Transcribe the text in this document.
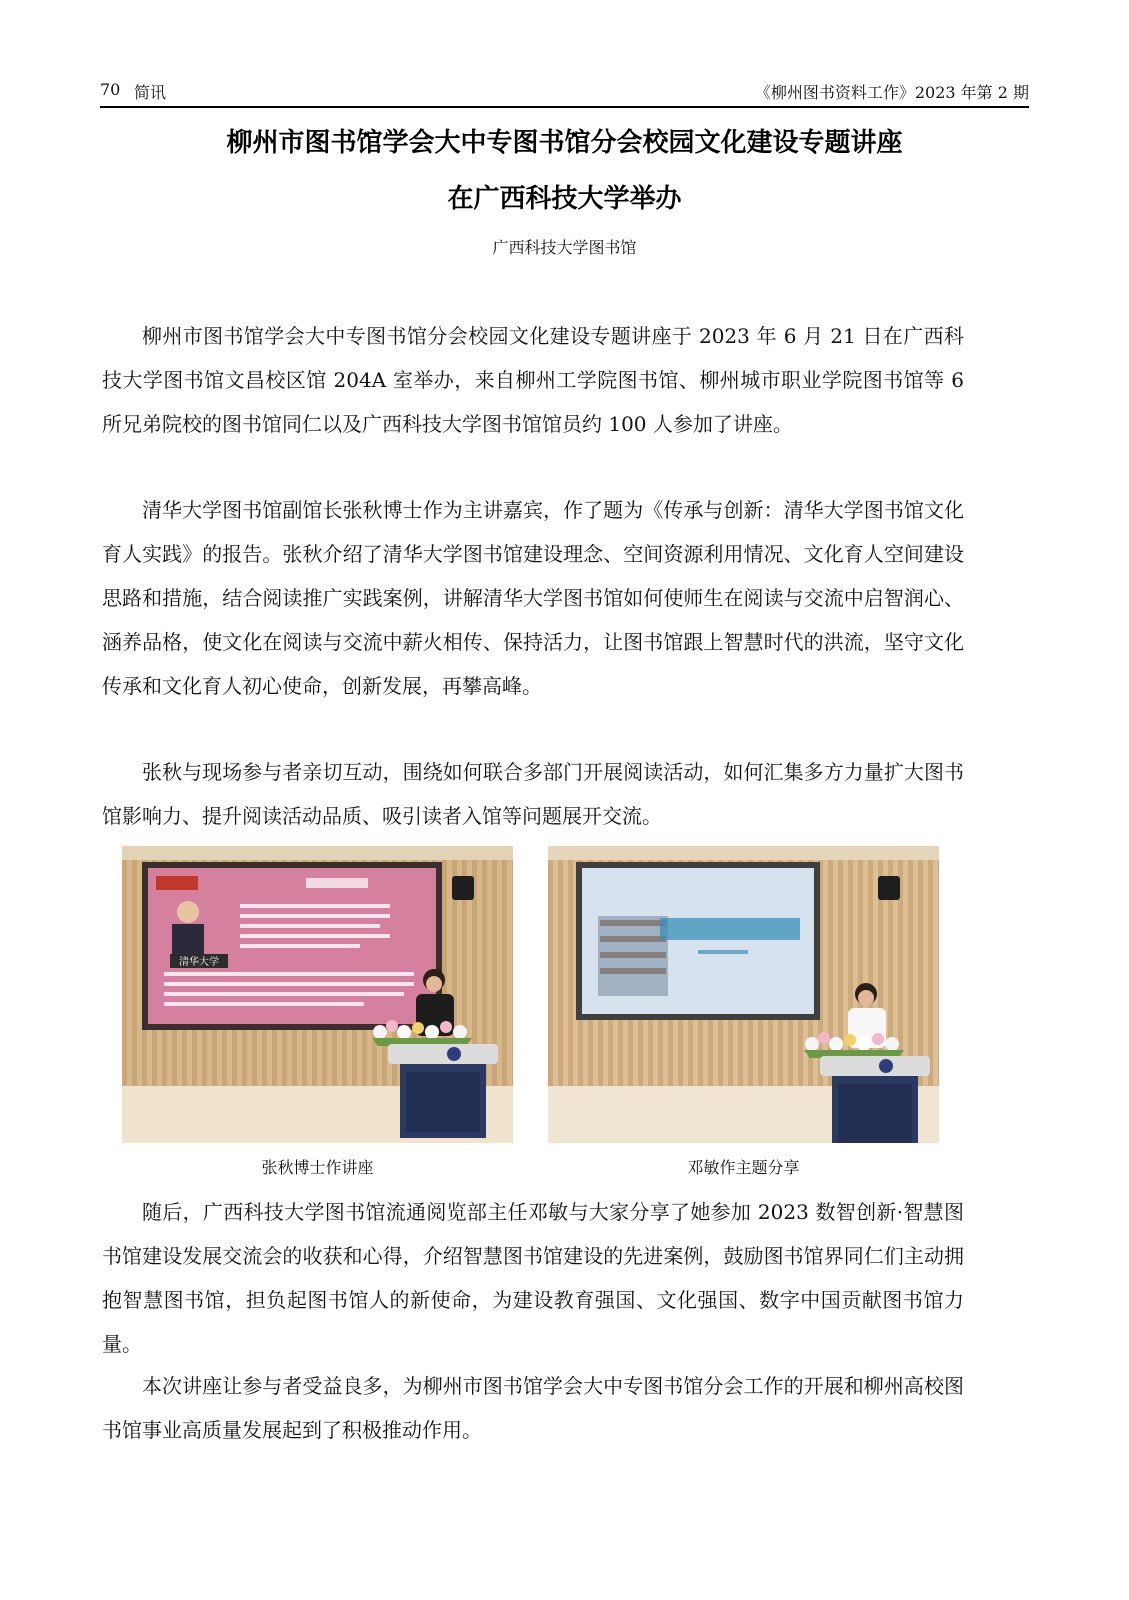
70 简讯	《柳州图书资料工作》2023 年第 2 期
柳州市图书馆学会大中专图书馆分会校园文化建设专题讲座
在广西科技大学举办
广西科技大学图书馆

柳州市图书馆学会大中专图书馆分会校园文化建设专题讲座于 2023 年 6 月 21 日在广西科技大学图书馆文昌校区馆 204A 室举办，来自柳州工学院图书馆、柳州城市职业学院图书馆等 6 所兄弟院校的图书馆同仁以及广西科技大学图书馆馆员约 100 人参加了讲座。

清华大学图书馆副馆长张秋博士作为主讲嘉宾，作了题为《传承与创新：清华大学图书馆文化育人实践》的报告。张秋介绍了清华大学图书馆建设理念、空间资源利用情况、文化育人空间建设思路和措施，结合阅读推广实践案例，讲解清华大学图书馆如何使师生在阅读与交流中启智润心、涵养品格，使文化在阅读与交流中薪火相传、保持活力，让图书馆跟上智慧时代的洪流，坚守文化传承和文化育人初心使命，创新发展，再攀高峰。

张秋与现场参与者亲切互动，围绕如何联合多部门开展阅读活动，如何汇集多方力量扩大图书馆影响力、提升阅读活动品质、吸引读者入馆等问题展开交流。

清华大学
张秋博士作讲座	邓敏作主题分享

随后，广西科技大学图书馆流通阅览部主任邓敏与大家分享了她参加 2023 数智创新·智慧图书馆建设发展交流会的收获和心得，介绍智慧图书馆建设的先进案例，鼓励图书馆界同仁们主动拥抱智慧图书馆，担负起图书馆人的新使命，为建设教育强国、文化强国、数字中国贡献图书馆力量。

本次讲座让参与者受益良多，为柳州市图书馆学会大中专图书馆分会工作的开展和柳州高校图书馆事业高质量发展起到了积极推动作用。
